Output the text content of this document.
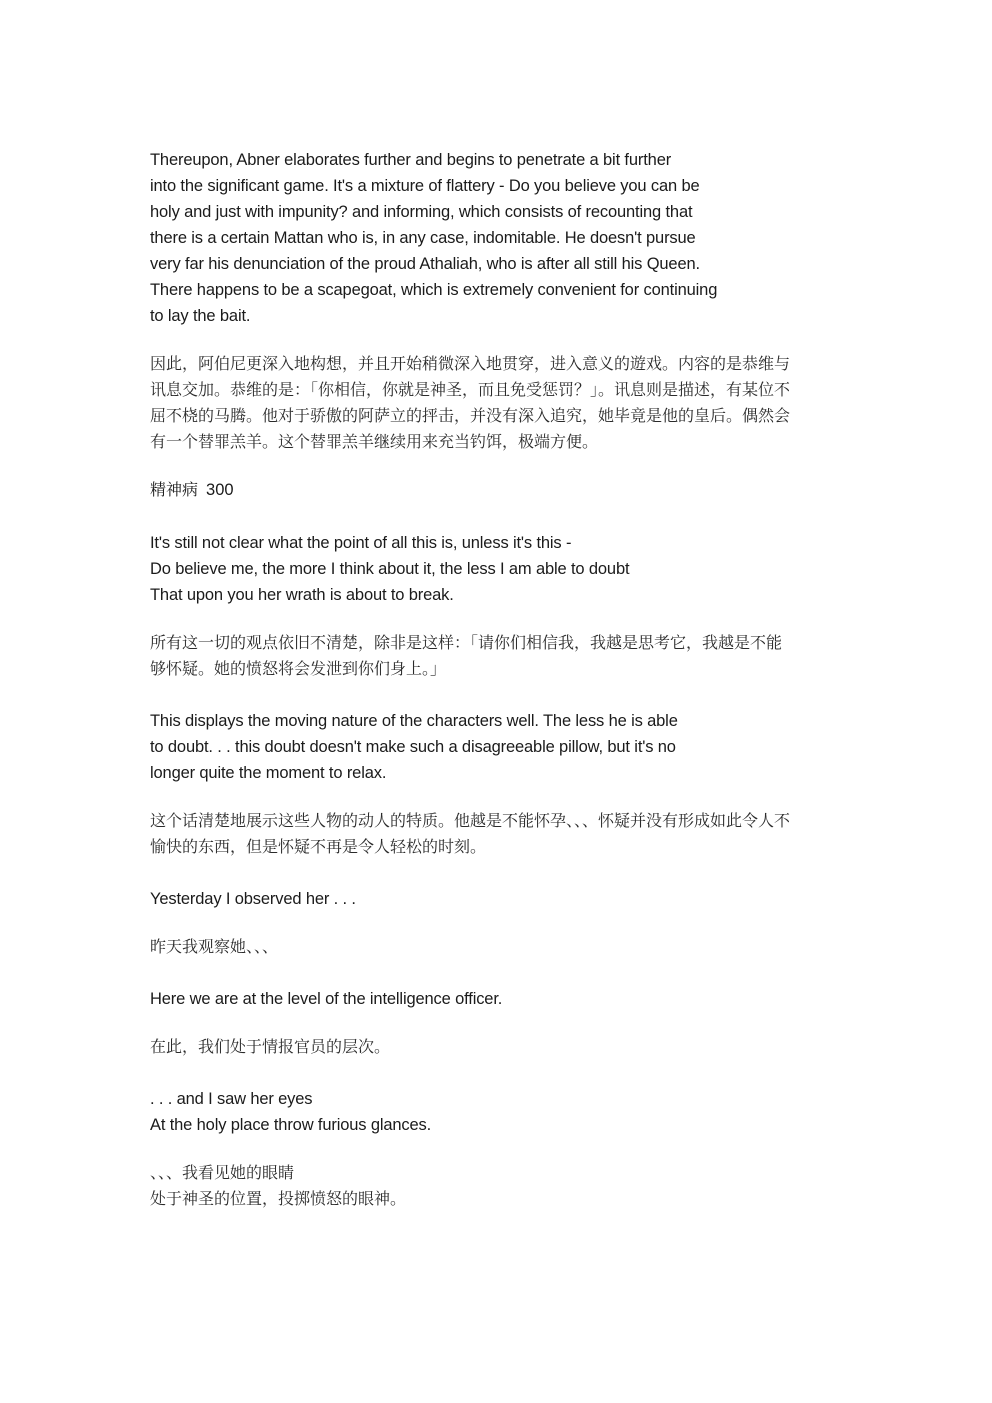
Thereupon, Abner elaborates further and begins to penetrate a bit further
into the significant game. It's a mixture of flattery - Do you believe you can be
holy and just with impunity? and informing, which consists of recounting that
there is a certain Mattan who is, in any case, indomitable. He doesn't pursue
very far his denunciation of the proud Athaliah, who is after all still his Queen.
There happens to be a scapegoat, which is extremely convenient for continuing
to lay the bait.

因此，阿伯尼更深入地构想，并且开始稍微深入地贯穿，进入意义的遊戏。内容的是恭维与
讯息交加。恭维的是：「你相信，你就是神圣，而且免受惩罚？」。讯息则是描述，有某位不
屈不桡的马腾。他对于骄傲的阿萨立的抨击，并没有深入追究，她毕竟是他的皇后。偶然会
有一个替罪羔羊。这个替罪羔羊继续用来充当钓饵，极端方便。

精神病 300

It's still not clear what the point of all this is, unless it's this -
Do believe me, the more I think about it, the less I am able to doubt
That upon you her wrath is about to break.

所有这一切的观点依旧不清楚，除非是这样：「请你们相信我，我越是思考它，我越是不能
够怀疑。她的愤怒将会发泄到你们身上。」

This displays the moving nature of the characters well. The less he is able
to doubt. . . this doubt doesn't make such a disagreeable pillow, but it's no
longer quite the moment to relax.

这个话清楚地展示这些人物的动人的特质。他越是不能怀孕、、、怀疑并没有形成如此令人不
愉快的东西，但是怀疑不再是令人轻松的时刻。

Yesterday I observed her . . .

昨天我观察她、、、

Here we are at the level of the intelligence officer.

在此，我们处于情报官员的层次。

. . . and I saw her eyes
At the holy place throw furious glances.

、、、我看见她的眼睛
处于神圣的位置，投掷愤怒的眼神。
